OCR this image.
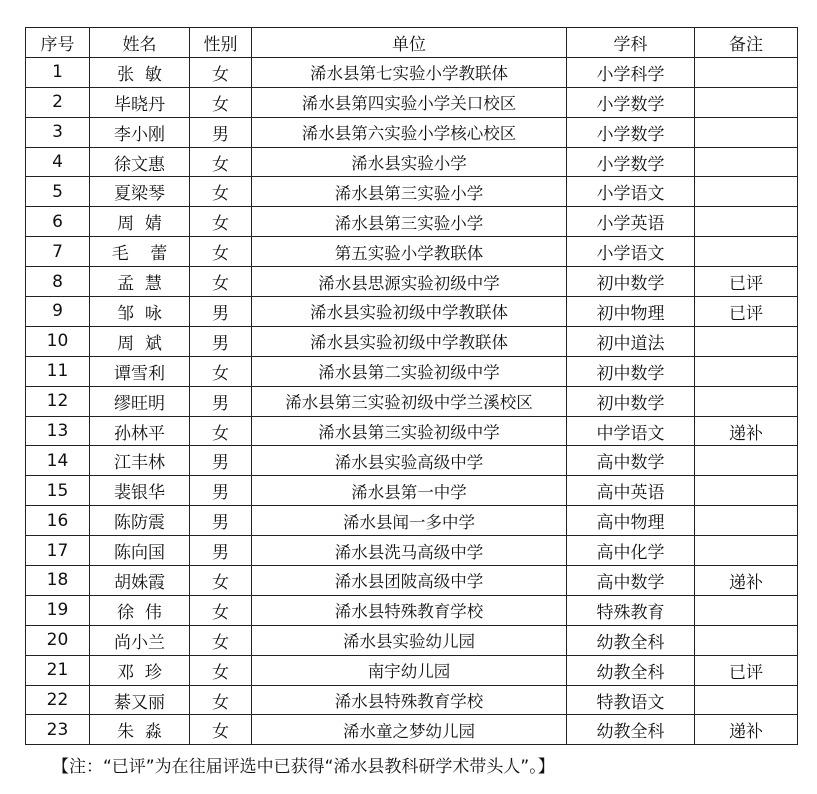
序号	姓名	性别	单位	学科	备注
1	张  敏	女	浠水县第七实验小学教联体	小学科学	
2	毕晓丹	女	浠水县第四实验小学关口校区	小学数学	
3	李小刚	男	浠水县第六实验小学核心校区	小学数学	
4	徐文惠	女	浠水县实验小学	小学数学	
5	夏梁琴	女	浠水县第三实验小学	小学语文	
6	周  婧	女	浠水县第三实验小学	小学英语	
7	毛    蕾	女	第五实验小学教联体	小学语文	
8	孟  慧	女	浠水县思源实验初级中学	初中数学	已评
9	邹  咏	男	浠水县实验初级中学教联体	初中物理	已评
10	周  斌	男	浠水县实验初级中学教联体	初中道法	
11	谭雪利	女	浠水县第二实验初级中学	初中数学	
12	缪旺明	男	浠水县第三实验初级中学兰溪校区	初中数学	
13	孙林平	女	浠水县第三实验初级中学	中学语文	递补
14	江丰林	男	浠水县实验高级中学	高中数学	
15	裴银华	男	浠水县第一中学	高中英语	
16	陈防震	男	浠水县闻一多中学	高中物理	
17	陈向国	男	浠水县洗马高级中学	高中化学	
18	胡姝霞	女	浠水县团陂高级中学	高中数学	递补
19	徐  伟	女	浠水县特殊教育学校	特殊教育	
20	尚小兰	女	浠水县实验幼儿园	幼教全科	
21	邓  珍	女	南宇幼儿园	幼教全科	已评
22	綦又丽	女	浠水县特殊教育学校	特教语文	
23	朱  淼	女	浠水童之梦幼儿园	幼教全科	递补
【注：“已评”为在往届评选中已获得“浠水县教科研学术带头人”。】
